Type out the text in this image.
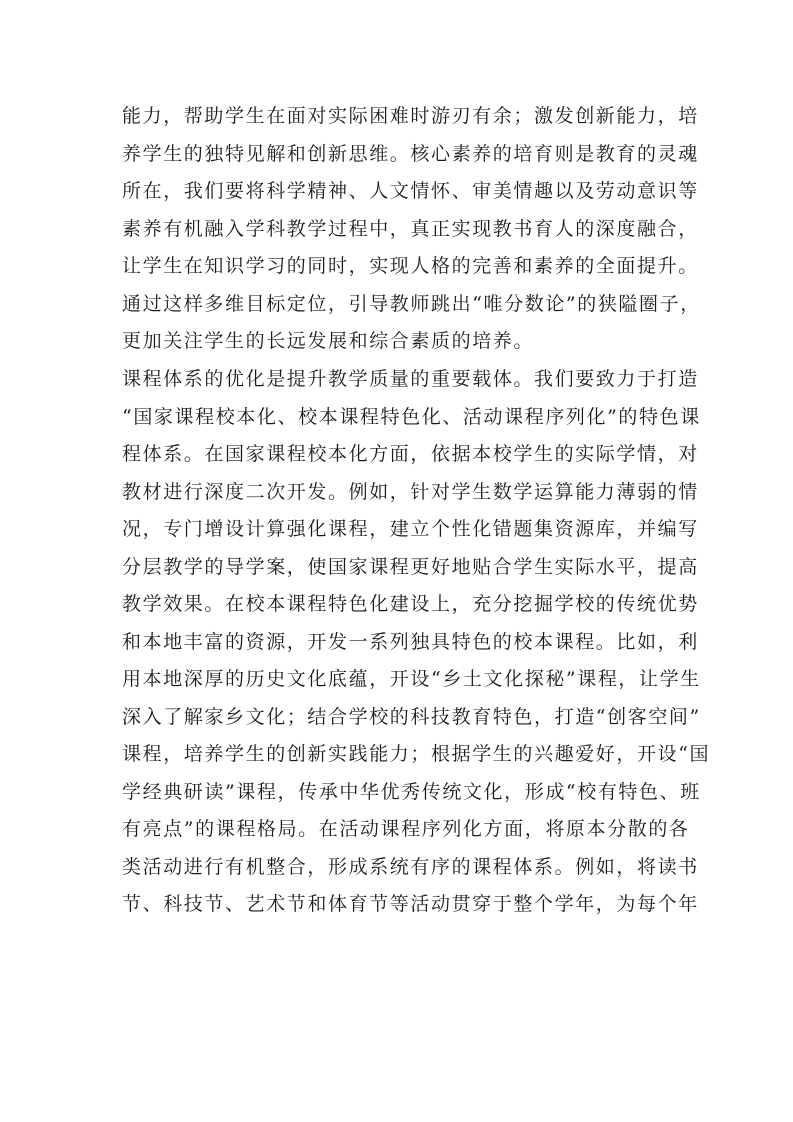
能力，帮助学生在面对实际困难时游刃有余；激发创新能力，培
养学生的独特见解和创新思维。核心素养的培育则是教育的灵魂
所在，我们要将科学精神、人文情怀、审美情趣以及劳动意识等
素养有机融入学科教学过程中，真正实现教书育人的深度融合，
让学生在知识学习的同时，实现人格的完善和素养的全面提升。
通过这样多维目标定位，引导教师跳出“唯分数论”的狭隘圈子，
更加关注学生的长远发展和综合素质的培养。
课程体系的优化是提升教学质量的重要载体。我们要致力于打造
“国家课程校本化、校本课程特色化、活动课程序列化”的特色课
程体系。在国家课程校本化方面，依据本校学生的实际学情，对
教材进行深度二次开发。例如，针对学生数学运算能力薄弱的情
况，专门增设计算强化课程，建立个性化错题集资源库，并编写
分层教学的导学案，使国家课程更好地贴合学生实际水平，提高
教学效果。在校本课程特色化建设上，充分挖掘学校的传统优势
和本地丰富的资源，开发一系列独具特色的校本课程。比如，利
用本地深厚的历史文化底蕴，开设“乡土文化探秘”课程，让学生
深入了解家乡文化；结合学校的科技教育特色，打造“创客空间”
课程，培养学生的创新实践能力；根据学生的兴趣爱好，开设“国
学经典研读”课程，传承中华优秀传统文化，形成“校有特色、班
有亮点”的课程格局。在活动课程序列化方面，将原本分散的各
类活动进行有机整合，形成系统有序的课程体系。例如，将读书
节、科技节、艺术节和体育节等活动贯穿于整个学年，为每个年
